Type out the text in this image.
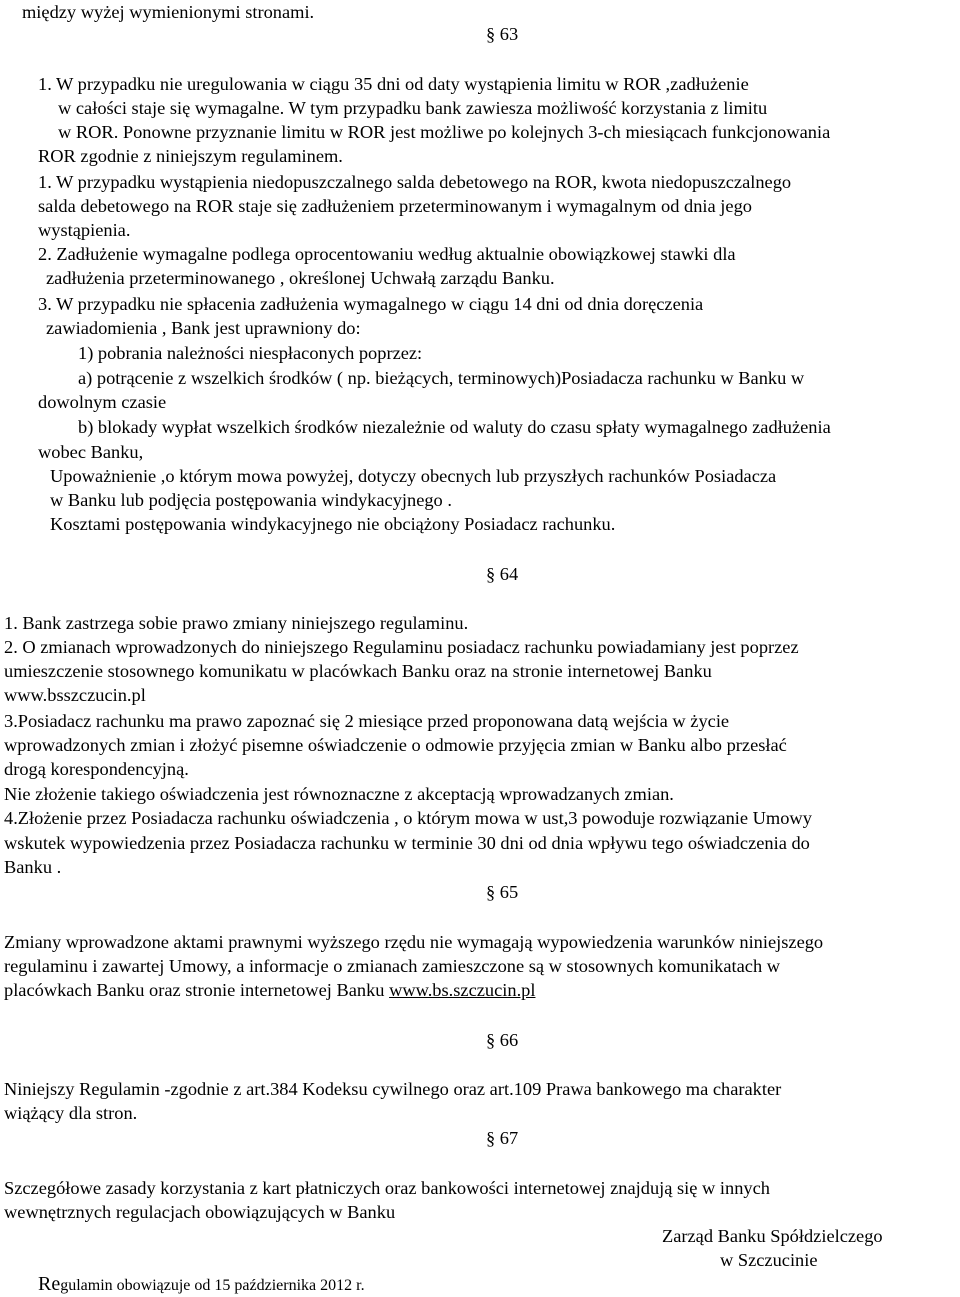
między wyżej wymienionymi stronami.
§ 63
1. W przypadku nie uregulowania w ciągu 35 dni od daty wystąpienia limitu w ROR ,zadłużenie
w całości staje się wymagalne. W tym przypadku bank zawiesza możliwość korzystania z limitu
w ROR. Ponowne przyznanie limitu w ROR jest możliwe po kolejnych 3-ch miesiącach funkcjonowania
ROR zgodnie z niniejszym regulaminem.
1. W przypadku wystąpienia niedopuszczalnego salda debetowego na ROR, kwota niedopuszczalnego
salda debetowego na ROR staje się zadłużeniem przeterminowanym i wymagalnym od dnia jego
wystąpienia.
2. Zadłużenie wymagalne podlega oprocentowaniu według aktualnie obowiązkowej stawki dla
zadłużenia przeterminowanego , określonej Uchwałą zarządu Banku.
3. W przypadku nie spłacenia zadłużenia wymagalnego w ciągu 14 dni od dnia doręczenia
zawiadomienia , Bank jest uprawniony do:
1) pobrania należności niespłaconych poprzez:
a) potrącenie z wszelkich środków ( np. bieżących, terminowych)Posiadacza rachunku w Banku w
dowolnym czasie
b) blokady wypłat wszelkich środków niezależnie od waluty do czasu spłaty wymagalnego zadłużenia
wobec Banku,
Upoważnienie ,o którym mowa powyżej, dotyczy obecnych lub przyszłych rachunków Posiadacza
w Banku lub podjęcia postępowania windykacyjnego .
Kosztami postępowania windykacyjnego nie obciążony Posiadacz rachunku.
§ 64
1. Bank zastrzega sobie prawo zmiany niniejszego regulaminu.
2. O zmianach wprowadzonych do niniejszego Regulaminu posiadacz rachunku powiadamiany jest poprzez
umieszczenie stosownego komunikatu w placówkach Banku oraz na stronie internetowej Banku
www.bsszczucin.pl
3.Posiadacz rachunku ma prawo zapoznać się 2 miesiące przed proponowana datą wejścia w życie
wprowadzonych zmian i złożyć pisemne oświadczenie o odmowie przyjęcia zmian w Banku albo przesłać
drogą korespondencyjną.
Nie złożenie takiego oświadczenia jest równoznaczne z akceptacją wprowadzanych zmian.
4.Złożenie przez Posiadacza rachunku oświadczenia , o którym mowa w ust,3 powoduje rozwiązanie Umowy
wskutek wypowiedzenia przez Posiadacza rachunku w terminie 30 dni od dnia wpływu tego oświadczenia do
Banku .
§ 65
Zmiany wprowadzone aktami prawnymi wyższego rzędu nie wymagają wypowiedzenia warunków niniejszego
regulaminu i zawartej Umowy, a informacje o zmianach zamieszczone są w stosownych komunikatach w
placówkach Banku oraz stronie internetowej Banku www.bs.szczucin.pl
§ 66
Niniejszy Regulamin -zgodnie z art.384 Kodeksu cywilnego oraz art.109 Prawa bankowego ma charakter
wiążący dla stron.
§ 67
Szczegółowe zasady korzystania z kart płatniczych oraz bankowości internetowej znajdują się w innych
wewnętrznych regulacjach obowiązujących w Banku
Zarząd Banku Spółdzielczego
w Szczucinie
Regulamin obowiązuje od 15 października 2012 r.
